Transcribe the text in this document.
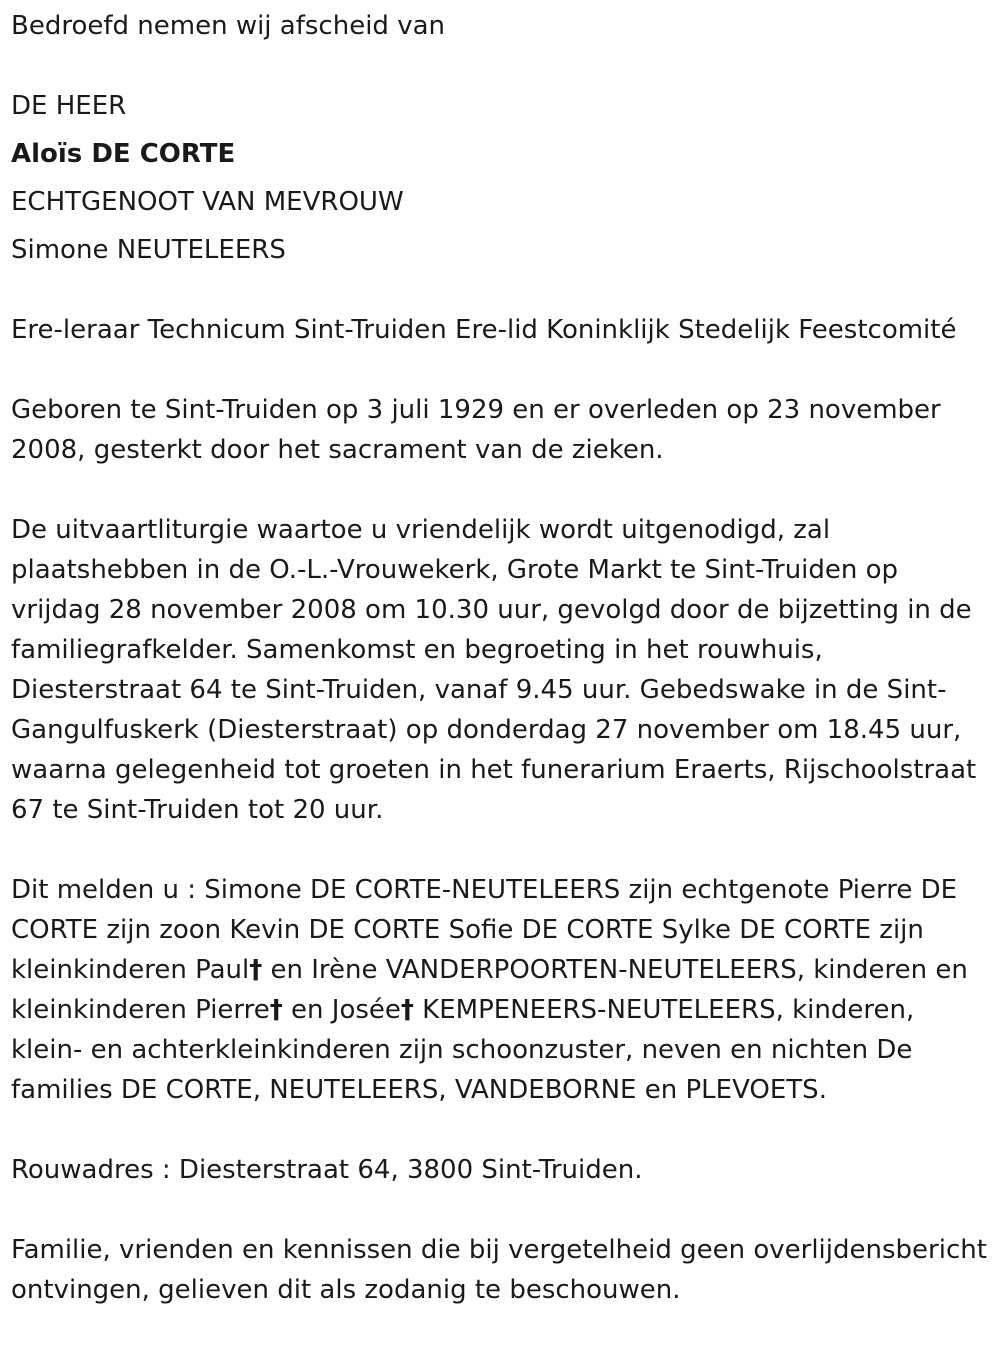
Bedroefd nemen wij afscheid van

DE HEER

Aloïs DE CORTE

ECHTGENOOT VAN MEVROUW

Simone NEUTELEERS

Ere-leraar Technicum Sint-Truiden Ere-lid Koninklijk Stedelijk Feestcomité

Geboren te Sint-Truiden op 3 juli 1929 en er overleden op 23 november 2008, gesterkt door het sacrament van de zieken.

De uitvaartliturgie waartoe u vriendelijk wordt uitgenodigd, zal plaatshebben in de O.-L.-Vrouwekerk, Grote Markt te Sint-Truiden op vrijdag 28 november 2008 om 10.30 uur, gevolgd door de bijzetting in de familiegrafkelder. Samenkomst en begroeting in het rouwhuis, Diesterstraat 64 te Sint-Truiden, vanaf 9.45 uur. Gebedswake in de Sint-Gangulfuskerk (Diesterstraat) op donderdag 27 november om 18.45 uur, waarna gelegenheid tot groeten in het funerarium Eraerts, Rijschoolstraat 67 te Sint-Truiden tot 20 uur.

Dit melden u : Simone DE CORTE-NEUTELEERS zijn echtgenote Pierre DE CORTE zijn zoon Kevin DE CORTE Sofie DE CORTE Sylke DE CORTE zijn kleinkinderen Paul† en Irène VANDERPOORTEN-NEUTELEERS, kinderen en kleinkinderen Pierre† en Josée† KEMPENEERS-NEUTELEERS, kinderen, klein- en achterkleinkinderen zijn schoonzuster, neven en nichten De families DE CORTE, NEUTELEERS, VANDEBORNE en PLEVOETS.

Rouwadres : Diesterstraat 64, 3800 Sint-Truiden.

Familie, vrienden en kennissen die bij vergetelheid geen overlijdensbericht ontvingen, gelieven dit als zodanig te beschouwen.
